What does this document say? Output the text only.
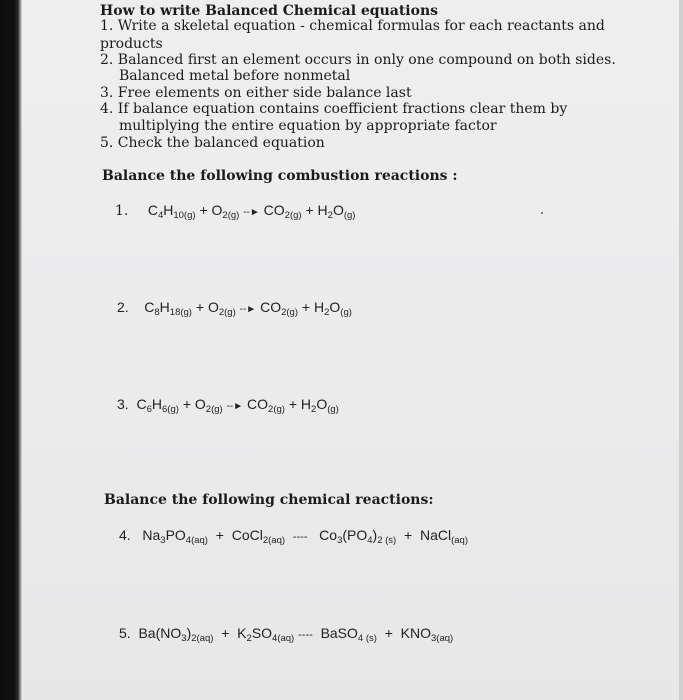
How to write Balanced Chemical equations
1. Write a skeletal equation - chemical formulas for each reactants and
products
2. Balanced first an element occurs in only one compound on both sides.
Balanced metal before nonmetal
3. Free elements on either side balance last
4. If balance equation contains coefficient fractions clear them by
multiplying the entire equation by appropriate factor
5. Check the balanced equation
Balance the following combustion reactions :
1. $C_4H_{10(g)} + O_{2(g)}$ --► $CO_{2(g)} + H_2O_{(g)}$
2. $C_8H_{18(g)} + O_{2(g)}$ --► $CO_{2(g)} + H_2O_{(g)}$
3. $C_6H_{6(g)} + O_{2(g)}$ --► $CO_{2(g)} + H_2O_{(g)}$
Balance the following chemical reactions:
4. $Na_3PO_{4(aq)}$ + CoCl$_{2(aq)}$ ---- $Co_3(PO_4)_{2 (s)}$ + NaCl$_{(aq)}$
5. $Ba(NO_3)_{2(aq)} + K_2SO_{4(aq)}$ ---- BaSO$_{4 (s)}$ + $KNO_{3(aq)}$
